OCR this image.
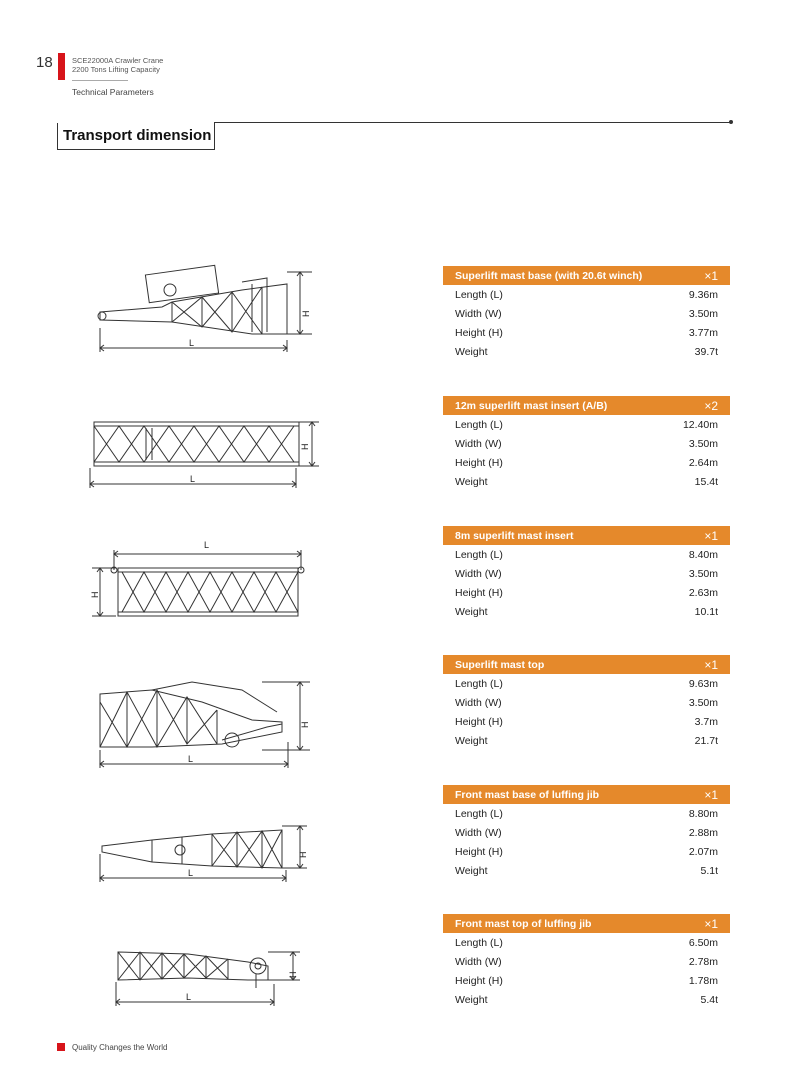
18	SCE22000A Crawler Crane
2200 Tons Lifting Capacity
Technical Parameters
Transport dimension
H
L
H
L
L
H
H
L
H
L
H
L
Superlift mast base (with 20.6t winch)	×1
Length (L)	9.36m
Width (W)	3.50m
Height (H)	3.77m
Weight	39.7t
12m superlift mast insert (A/B)	×2
Length (L)	12.40m
Width (W)	3.50m
Height (H)	2.64m
Weight	15.4t
8m superlift mast insert	×1
Length (L)	8.40m
Width (W)	3.50m
Height (H)	2.63m
Weight	10.1t
Superlift mast top	×1
Length (L)	9.63m
Width (W)	3.50m
Height (H)	3.7m
Weight	21.7t
Front mast base of luffing jib	×1
Length (L)	8.80m
Width (W)	2.88m
Height (H)	2.07m
Weight	5.1t
Front mast top of luffing jib	×1
Length (L)	6.50m
Width (W)	2.78m
Height (H)	1.78m
Weight	5.4t
Quality Changes the World
